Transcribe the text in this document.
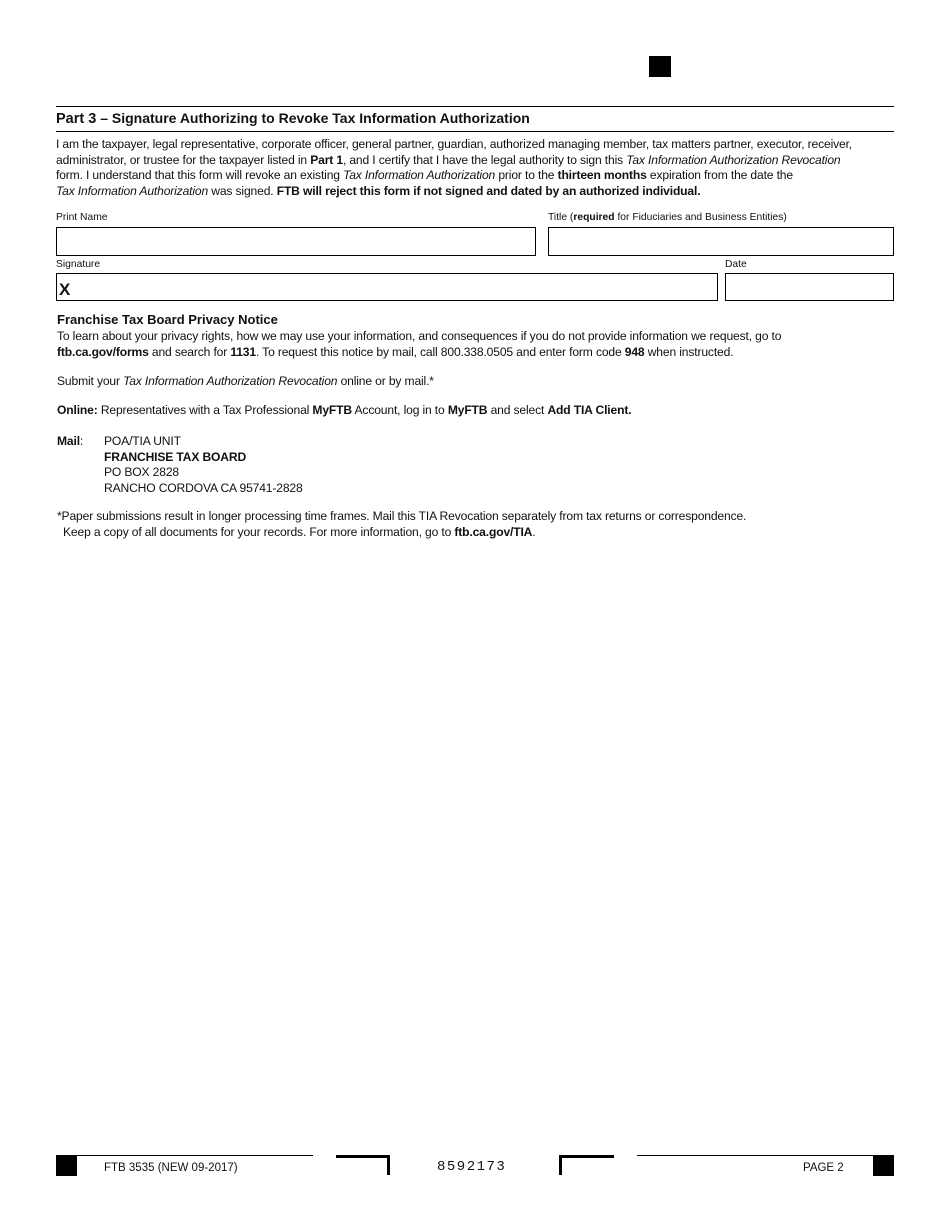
Part 3 – Signature Authorizing to Revoke Tax Information Authorization
I am the taxpayer, legal representative, corporate officer, general partner, guardian, authorized managing member, tax matters partner, executor, receiver,
administrator, or trustee for the taxpayer listed in Part 1, and I certify that I have the legal authority to sign this Tax Information Authorization Revocation
form. I understand that this form will revoke an existing Tax Information Authorization prior to the thirteen months expiration from the date the
Tax Information Authorization was signed. FTB will reject this form if not signed and dated by an authorized individual.
Print Name	Title (required for Fiduciaries and Business Entities)
Signature	Date
X
Franchise Tax Board Privacy Notice
To learn about your privacy rights, how we may use your information, and consequences if you do not provide information we request, go to
ftb.ca.gov/forms and search for 1131. To request this notice by mail, call 800.338.0505 and enter form code 948 when instructed.
Submit your Tax Information Authorization Revocation online or by mail.*
Online: Representatives with a Tax Professional MyFTB Account, log in to MyFTB and select Add TIA Client.
Mail: POA/TIA UNIT
FRANCHISE TAX BOARD
PO BOX 2828
RANCHO CORDOVA CA 95741-2828
*Paper submissions result in longer processing time frames. Mail this TIA Revocation separately from tax returns or correspondence.
Keep a copy of all documents for your records. For more information, go to ftb.ca.gov/TIA.
FTB 3535 (NEW 09-2017)	8592173	PAGE 2
